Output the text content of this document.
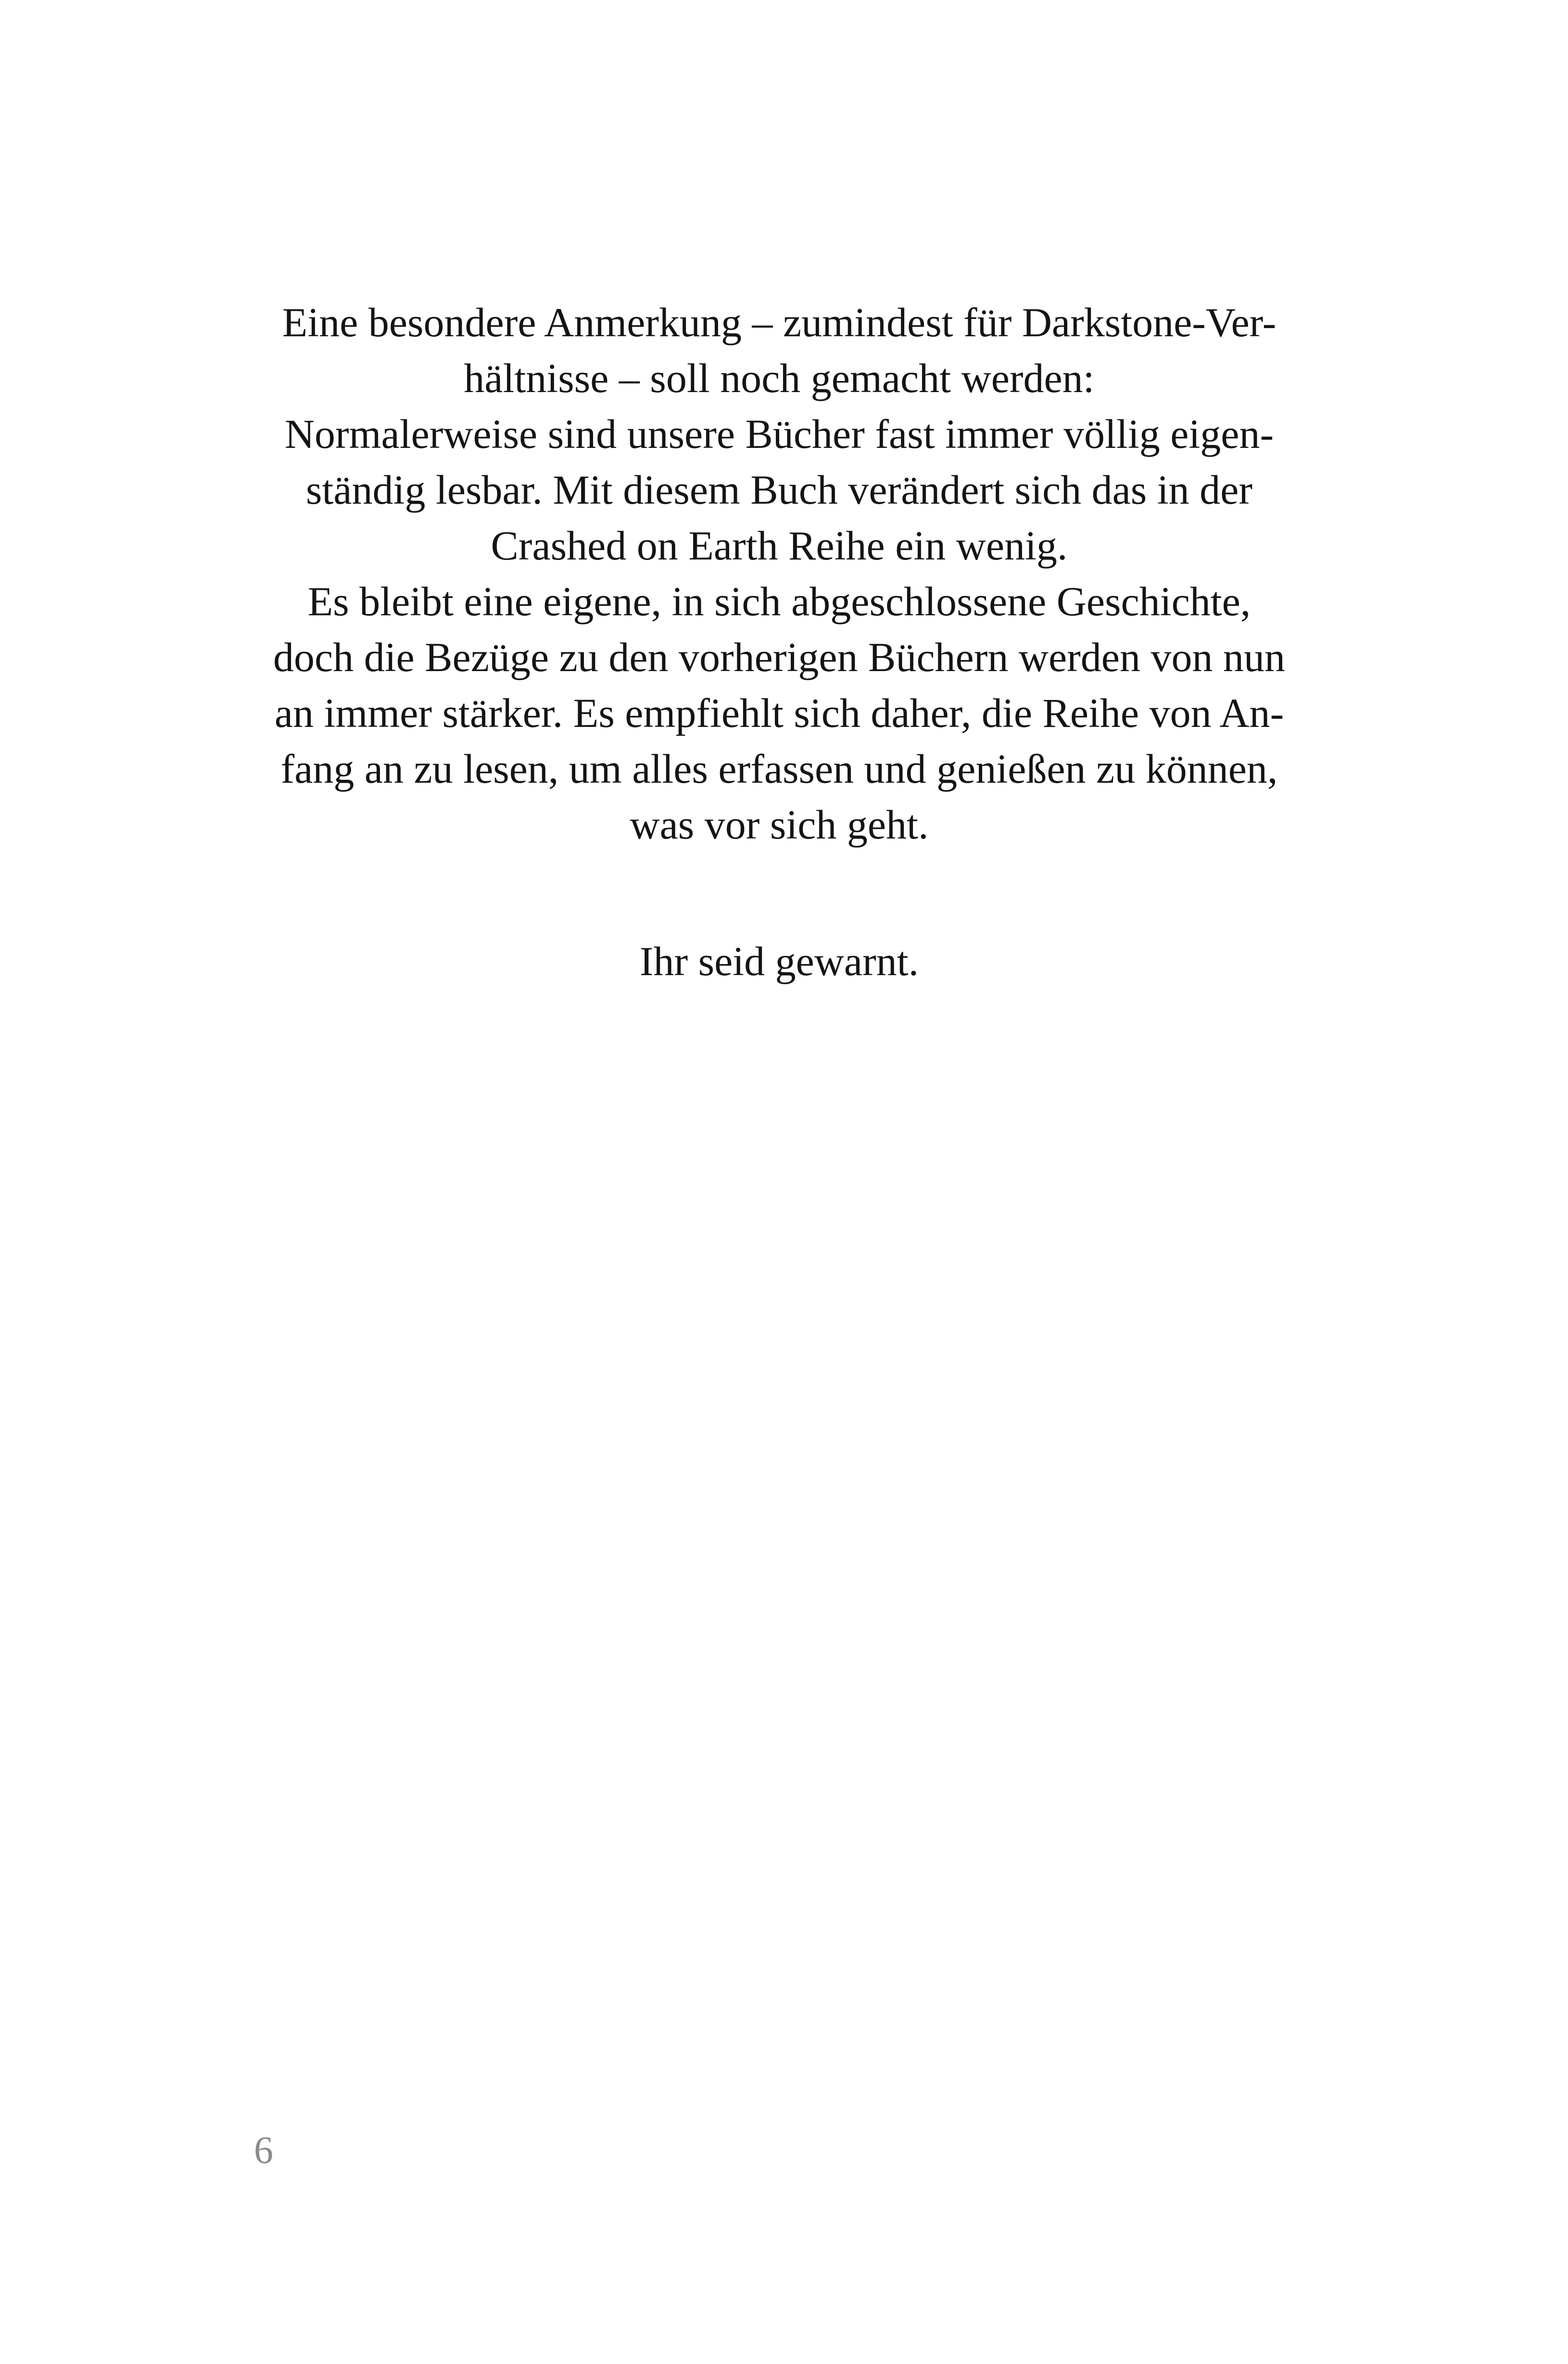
Eine besondere Anmerkung – zumindest für Darkstone-Ver-
hältnisse – soll noch gemacht werden:
Normalerweise sind unsere Bücher fast immer völlig eigen-
ständig lesbar. Mit diesem Buch verändert sich das in der
Crashed on Earth Reihe ein wenig.
Es bleibt eine eigene, in sich abgeschlossene Geschichte,
doch die Bezüge zu den vorherigen Büchern werden von nun
an immer stärker. Es empfiehlt sich daher, die Reihe von An-
fang an zu lesen, um alles erfassen und genießen zu können,
was vor sich geht.
Ihr seid gewarnt.
6
